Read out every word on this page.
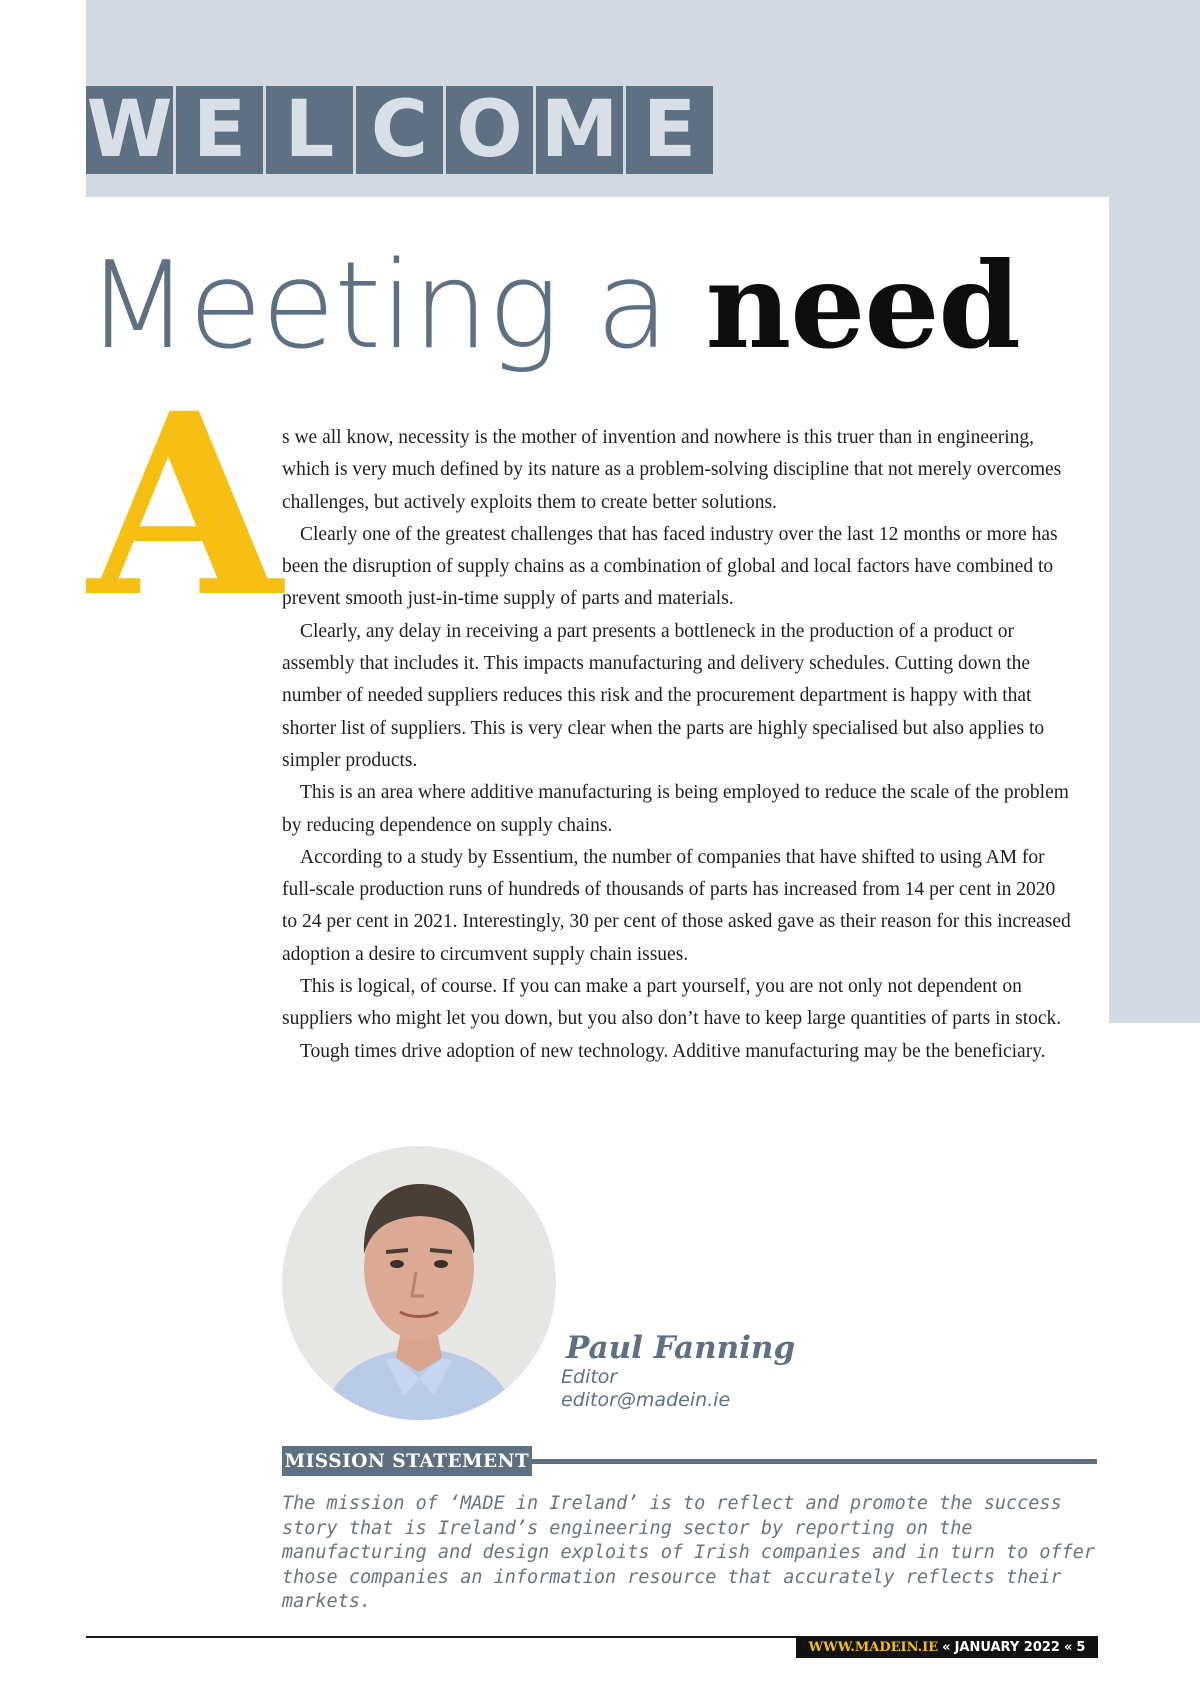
W E L C O M E
Meeting a need
A s we all know, necessity is the mother of invention and nowhere is this truer than in engineering, which is very much defined by its nature as a problem-solving discipline that not merely overcomes challenges, but actively exploits them to create better solutions.

Clearly one of the greatest challenges that has faced industry over the last 12 months or more has been the disruption of supply chains as a combination of global and local factors have combined to prevent smooth just-in-time supply of parts and materials.

Clearly, any delay in receiving a part presents a bottleneck in the production of a product or assembly that includes it. This impacts manufacturing and delivery schedules. Cutting down the number of needed suppliers reduces this risk and the procurement department is happy with that shorter list of suppliers. This is very clear when the parts are highly specialised but also applies to simpler products.

This is an area where additive manufacturing is being employed to reduce the scale of the problem by reducing dependence on supply chains.

According to a study by Essentium, the number of companies that have shifted to using AM for full-scale production runs of hundreds of thousands of parts has increased from 14 per cent in 2020 to 24 per cent in 2021. Interestingly, 30 per cent of those asked gave as their reason for this increased adoption a desire to circumvent supply chain issues.

This is logical, of course. If you can make a part yourself, you are not only not dependent on suppliers who might let you down, but you also don’t have to keep large quantities of parts in stock.

Tough times drive adoption of new technology. Additive manufacturing may be the beneficiary.

Paul Fanning
Editor
editor@madein.ie
MISSION STATEMENT

The mission of ‘MADE in Ireland’ is to reflect and promote the success story that is Ireland’s engineering sector by reporting on the manufacturing and design exploits of Irish companies and in turn to offer those companies an information resource that accurately reflects their markets.

WWW.MADEIN.IE « JANUARY 2022 « 5
